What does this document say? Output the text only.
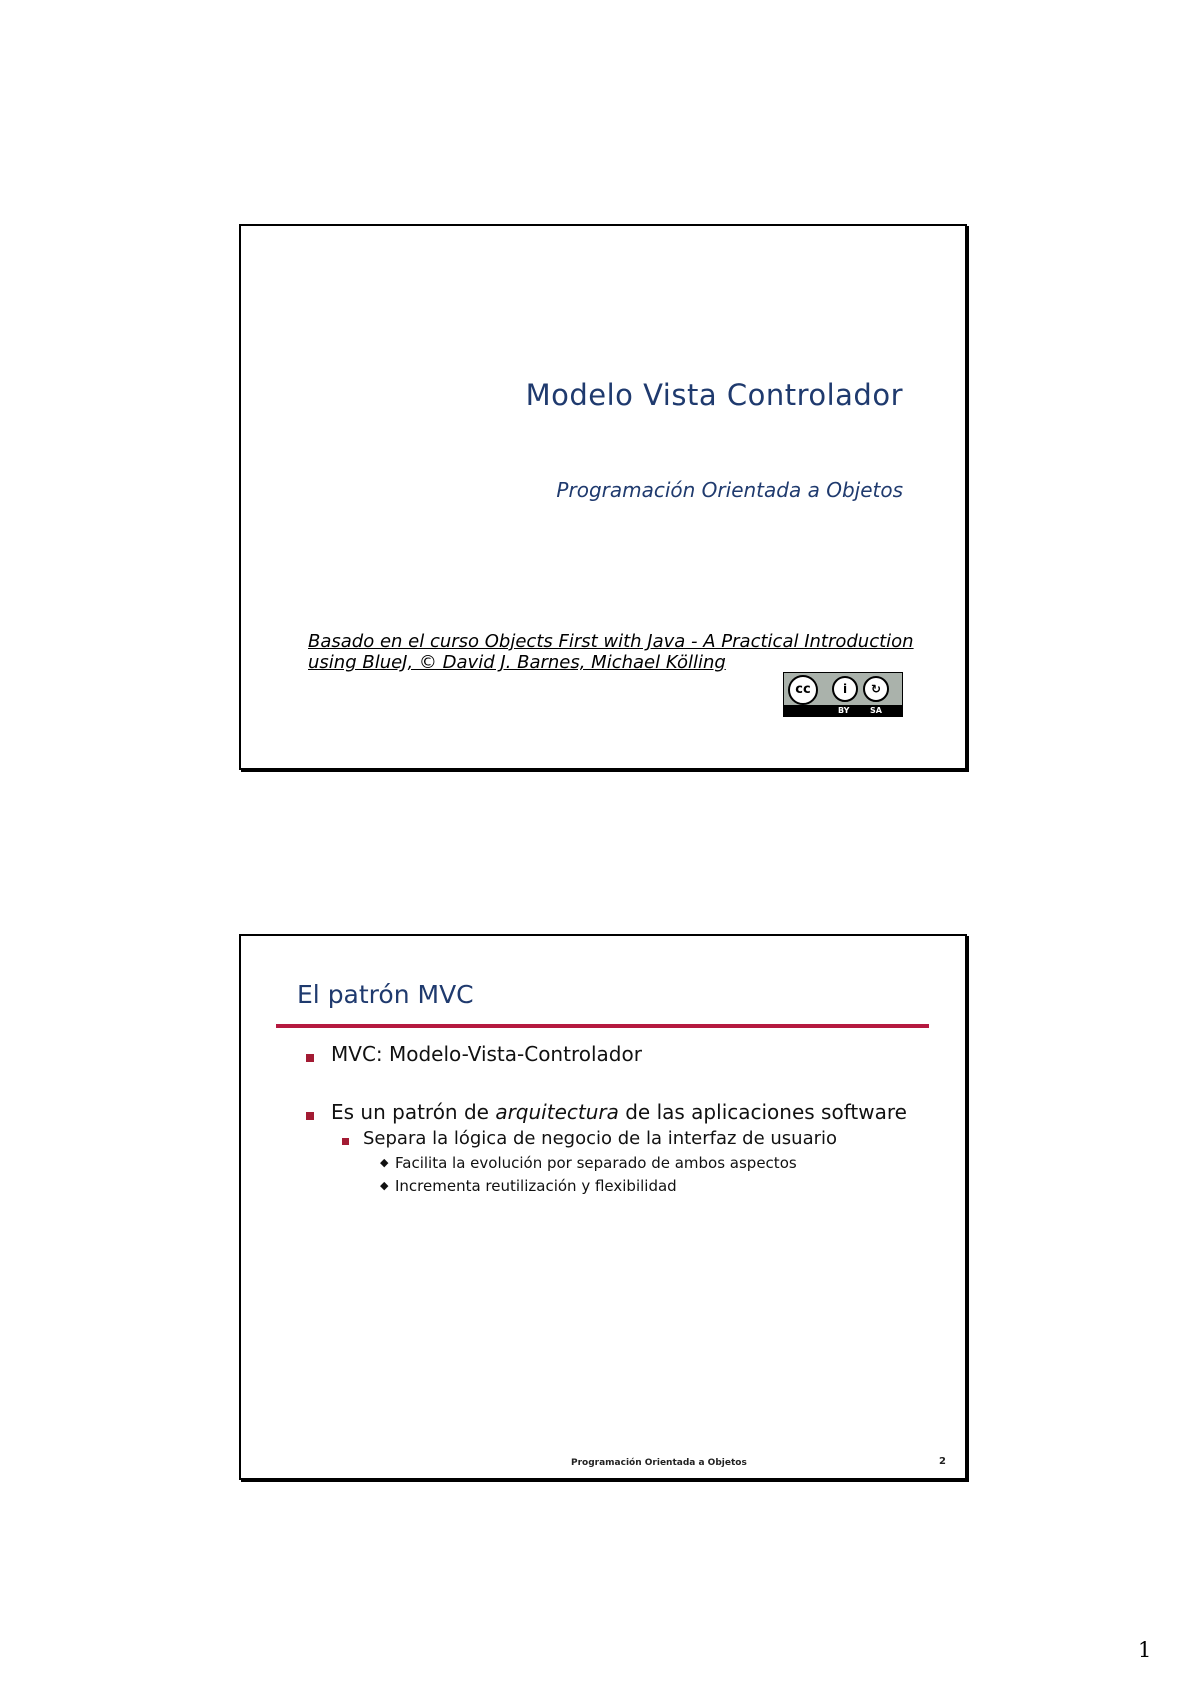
Modelo Vista Controlador
Programación Orientada a Objetos
Basado en el curso Objects First with Java - A Practical Introduction
using BlueJ, © David J. Barnes, Michael Kölling
cc	i	↻
BY	SA
El patrón MVC
MVC: Modelo-Vista-Controlador
Es un patrón de arquitectura de las aplicaciones software
Separa la lógica de negocio de la interfaz de usuario
◆ Facilita la evolución por separado de ambos aspectos
◆ Incrementa reutilización y flexibilidad
Programación Orientada a Objetos	2
1
